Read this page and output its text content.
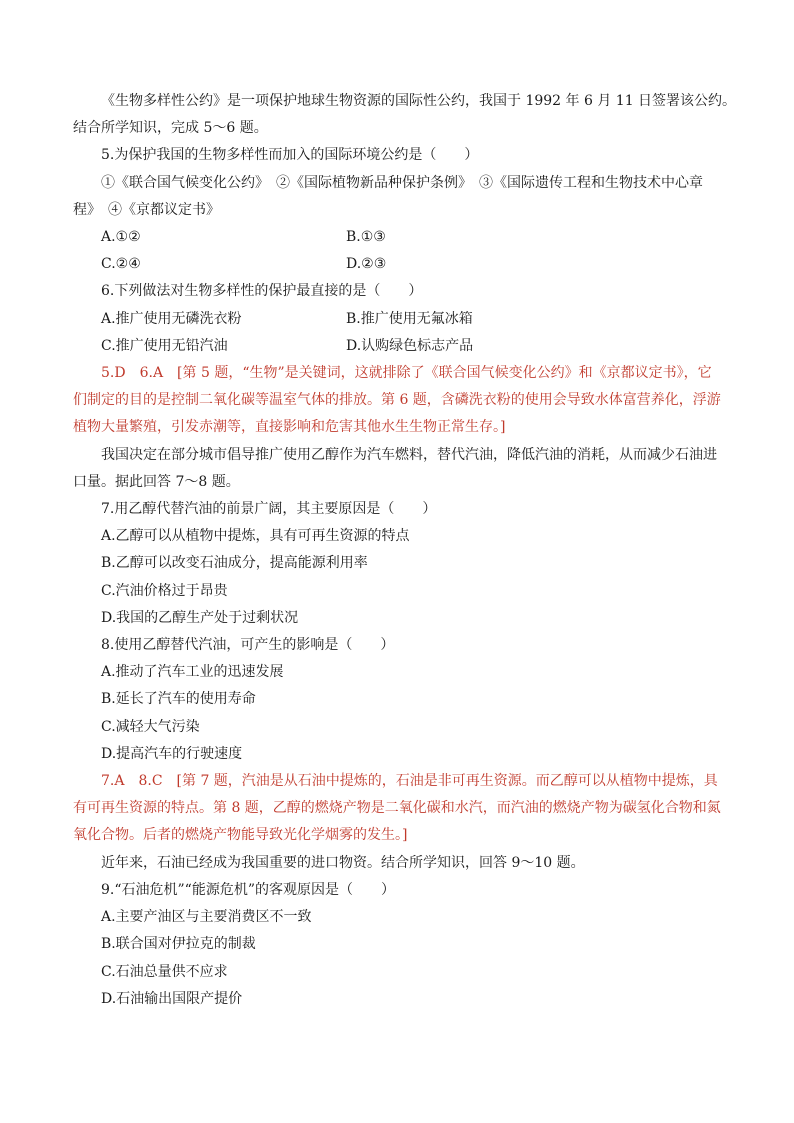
《生物多样性公约》是一项保护地球生物资源的国际性公约，我国于 1992 年 6 月 11 日签署该公约。
结合所学知识，完成 5～6 题。
5.为保护我国的生物多样性而加入的国际环境公约是（　　）
①《联合国气候变化公约》　②《国际植物新品种保护条例》　③《国际遗传工程和生物技术中心章
程》　④《京都议定书》
A.①②	B.①③
C.②④	D.②③
6.下列做法对生物多样性的保护最直接的是（　　）
A.推广使用无磷洗衣粉	B.推广使用无氟冰箱
C.推广使用无铅汽油	D.认购绿色标志产品
5.D　6.A　[第 5 题，“生物”是关键词，这就排除了《联合国气候变化公约》和《京都议定书》，它
们制定的目的是控制二氧化碳等温室气体的排放。第 6 题，含磷洗衣粉的使用会导致水体富营养化，浮游
植物大量繁殖，引发赤潮等，直接影响和危害其他水生生物正常生存。]
我国决定在部分城市倡导推广使用乙醇作为汽车燃料，替代汽油，降低汽油的消耗，从而减少石油进
口量。据此回答 7～8 题。
7.用乙醇代替汽油的前景广阔，其主要原因是（　　）
A.乙醇可以从植物中提炼，具有可再生资源的特点
B.乙醇可以改变石油成分，提高能源利用率
C.汽油价格过于昂贵
D.我国的乙醇生产处于过剩状况
8.使用乙醇替代汽油，可产生的影响是（　　）
A.推动了汽车工业的迅速发展
B.延长了汽车的使用寿命
C.减轻大气污染
D.提高汽车的行驶速度
7.A　8.C　[第 7 题，汽油是从石油中提炼的，石油是非可再生资源。而乙醇可以从植物中提炼，具
有可再生资源的特点。第 8 题，乙醇的燃烧产物是二氧化碳和水汽，而汽油的燃烧产物为碳氢化合物和氮
氧化合物。后者的燃烧产物能导致光化学烟雾的发生。]
近年来，石油已经成为我国重要的进口物资。结合所学知识，回答 9～10 题。
9.“石油危机”“能源危机”的客观原因是（　　）
A.主要产油区与主要消费区不一致
B.联合国对伊拉克的制裁
C.石油总量供不应求
D.石油输出国限产提价
